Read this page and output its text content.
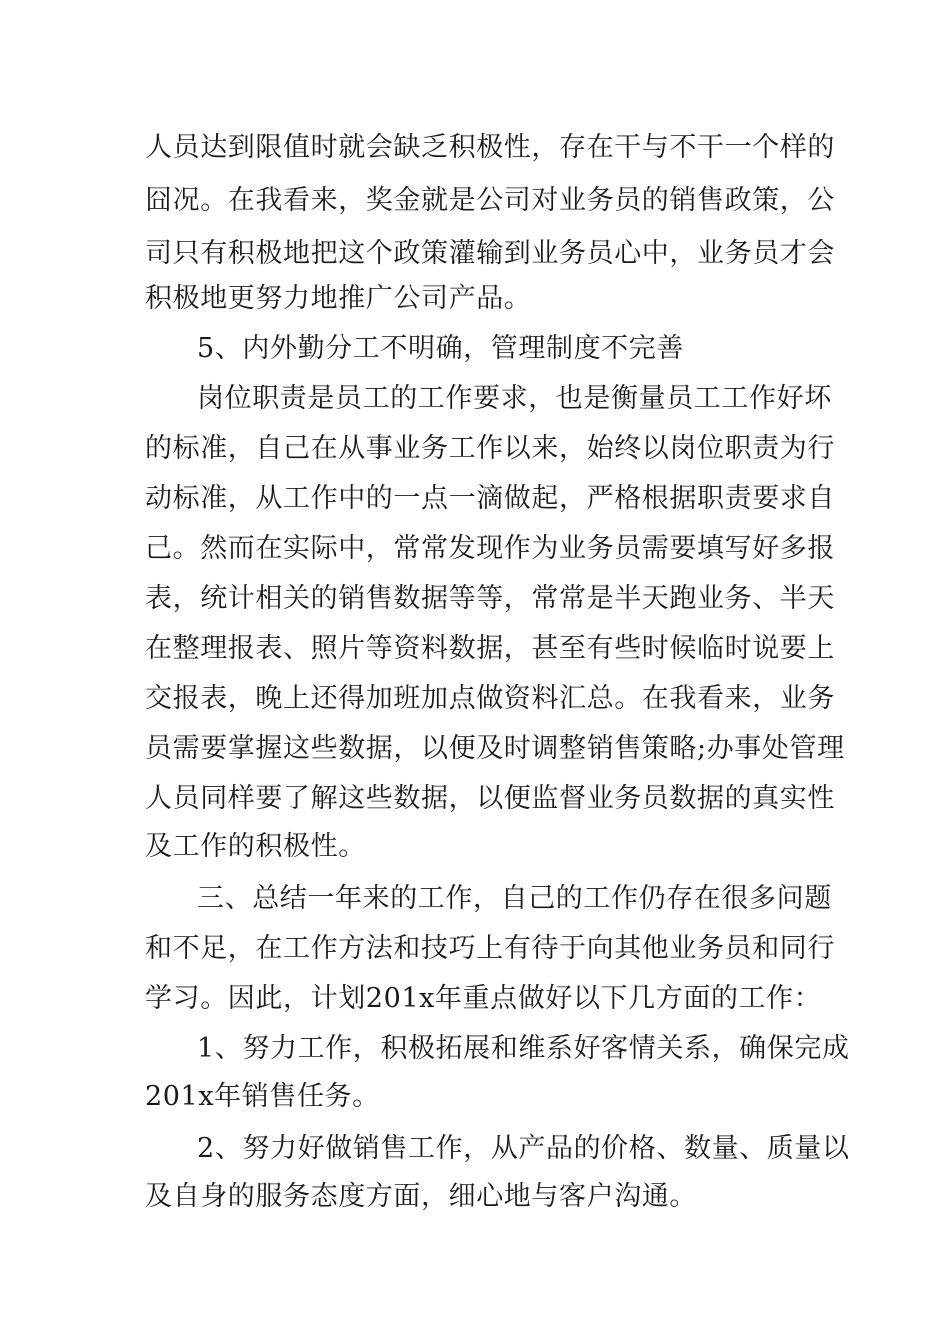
人员达到限值时就会缺乏积极性，存在干与不干一个样的
囧况。在我看来，奖金就是公司对业务员的销售政策，公
司只有积极地把这个政策灌输到业务员心中，业务员才会
积极地更努力地推广公司产品。
5、内外勤分工不明确，管理制度不完善
岗位职责是员工的工作要求，也是衡量员工工作好坏
的标准，自己在从事业务工作以来，始终以岗位职责为行
动标准，从工作中的一点一滴做起，严格根据职责要求自
己。然而在实际中，常常发现作为业务员需要填写好多报
表，统计相关的销售数据等等，常常是半天跑业务、半天
在整理报表、照片等资料数据，甚至有些时候临时说要上
交报表，晚上还得加班加点做资料汇总。在我看来，业务
员需要掌握这些数据，以便及时调整销售策略;办事处管理
人员同样要了解这些数据，以便监督业务员数据的真实性
及工作的积极性。
三、总结一年来的工作，自己的工作仍存在很多问题
和不足，在工作方法和技巧上有待于向其他业务员和同行
学习。因此，计划201x年重点做好以下几方面的工作：
1、努力工作，积极拓展和维系好客情关系，确保完成
201x年销售任务。
2、努力好做销售工作，从产品的价格、数量、质量以
及自身的服务态度方面，细心地与客户沟通。
